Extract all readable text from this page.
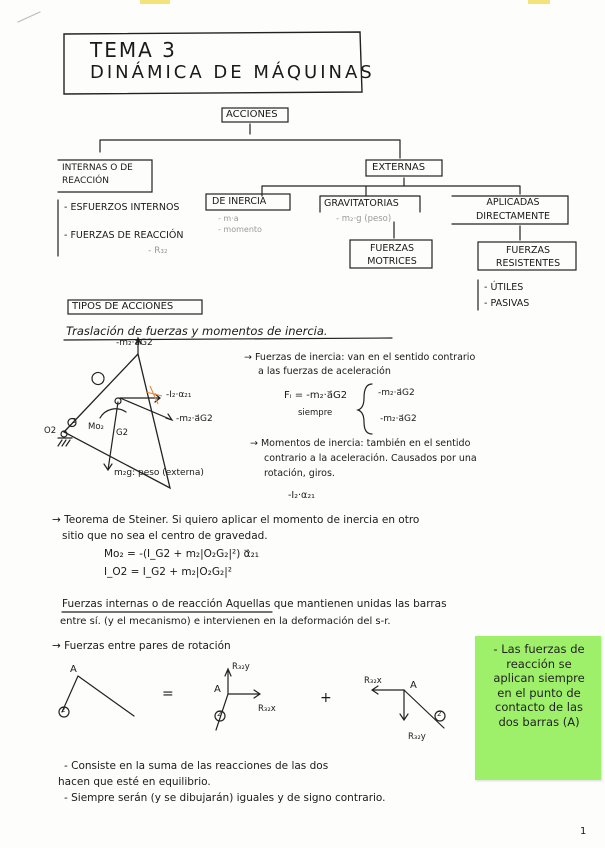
TEMA 3
DINÁMICA DE MÁQUINAS
ACCIONES
INTERNAS O DE REACCIÓN
- ESFUERZOS INTERNOS
- FUERZAS DE REACCIÓN
- R₃₂
EXTERNAS
DE INERCIA
- m·a
- momento
GRAVITATORIAS
- m₂·g (peso)
APLICADAS DIRECTAMENTE
FUERZAS MOTRICES
FUERZAS RESISTENTES
- ÚTILES
- PASIVAS
TIPOS DE ACCIONES
Traslación de fuerzas y momentos de inercia.
-m₂·a⃗G2
-I₂·α₂₁
-m₂·a⃗G2
Mo₂
G2
O2
m₂g: peso (externa)
2
→ Fuerzas de inercia: van en el sentido contrario
a las fuerzas de aceleración
Fᵢ = -m₂·a⃗G2
siempre
-m₂·a⃗G2
-m₂·a⃗G2
→ Momentos de inercia: también en el sentido
contrario a la aceleración. Causados por una
rotación, giros.
-I₂·α₂₁
→ Teorema de Steiner. Si quiero aplicar el momento de inercia en otro
sitio que no sea el centro de gravedad.
Mo₂ = -(I_G2 + m₂|O₂G₂|²) α⃗₂₁
I_O2 = I_G2 + m₂|O₂G₂|²
Fuerzas internas o de reacción Aquellas que mantienen unidas las barras
entre sí. (y el mecanismo) e intervienen en la deformación del s-r.
→ Fuerzas entre pares de rotación
A
A	A
R₃₂y
R₃₂x
R₃₂x
R₃₂y
=	+
2	2	2
- Consiste en la suma de las reacciones de las dos
hacen que esté en equilibrio.
- Siempre serán (y se dibujarán) iguales y de signo contrario.
- Las fuerzas de reacción se aplican siempre en el punto de contacto de las dos barras (A)
1
